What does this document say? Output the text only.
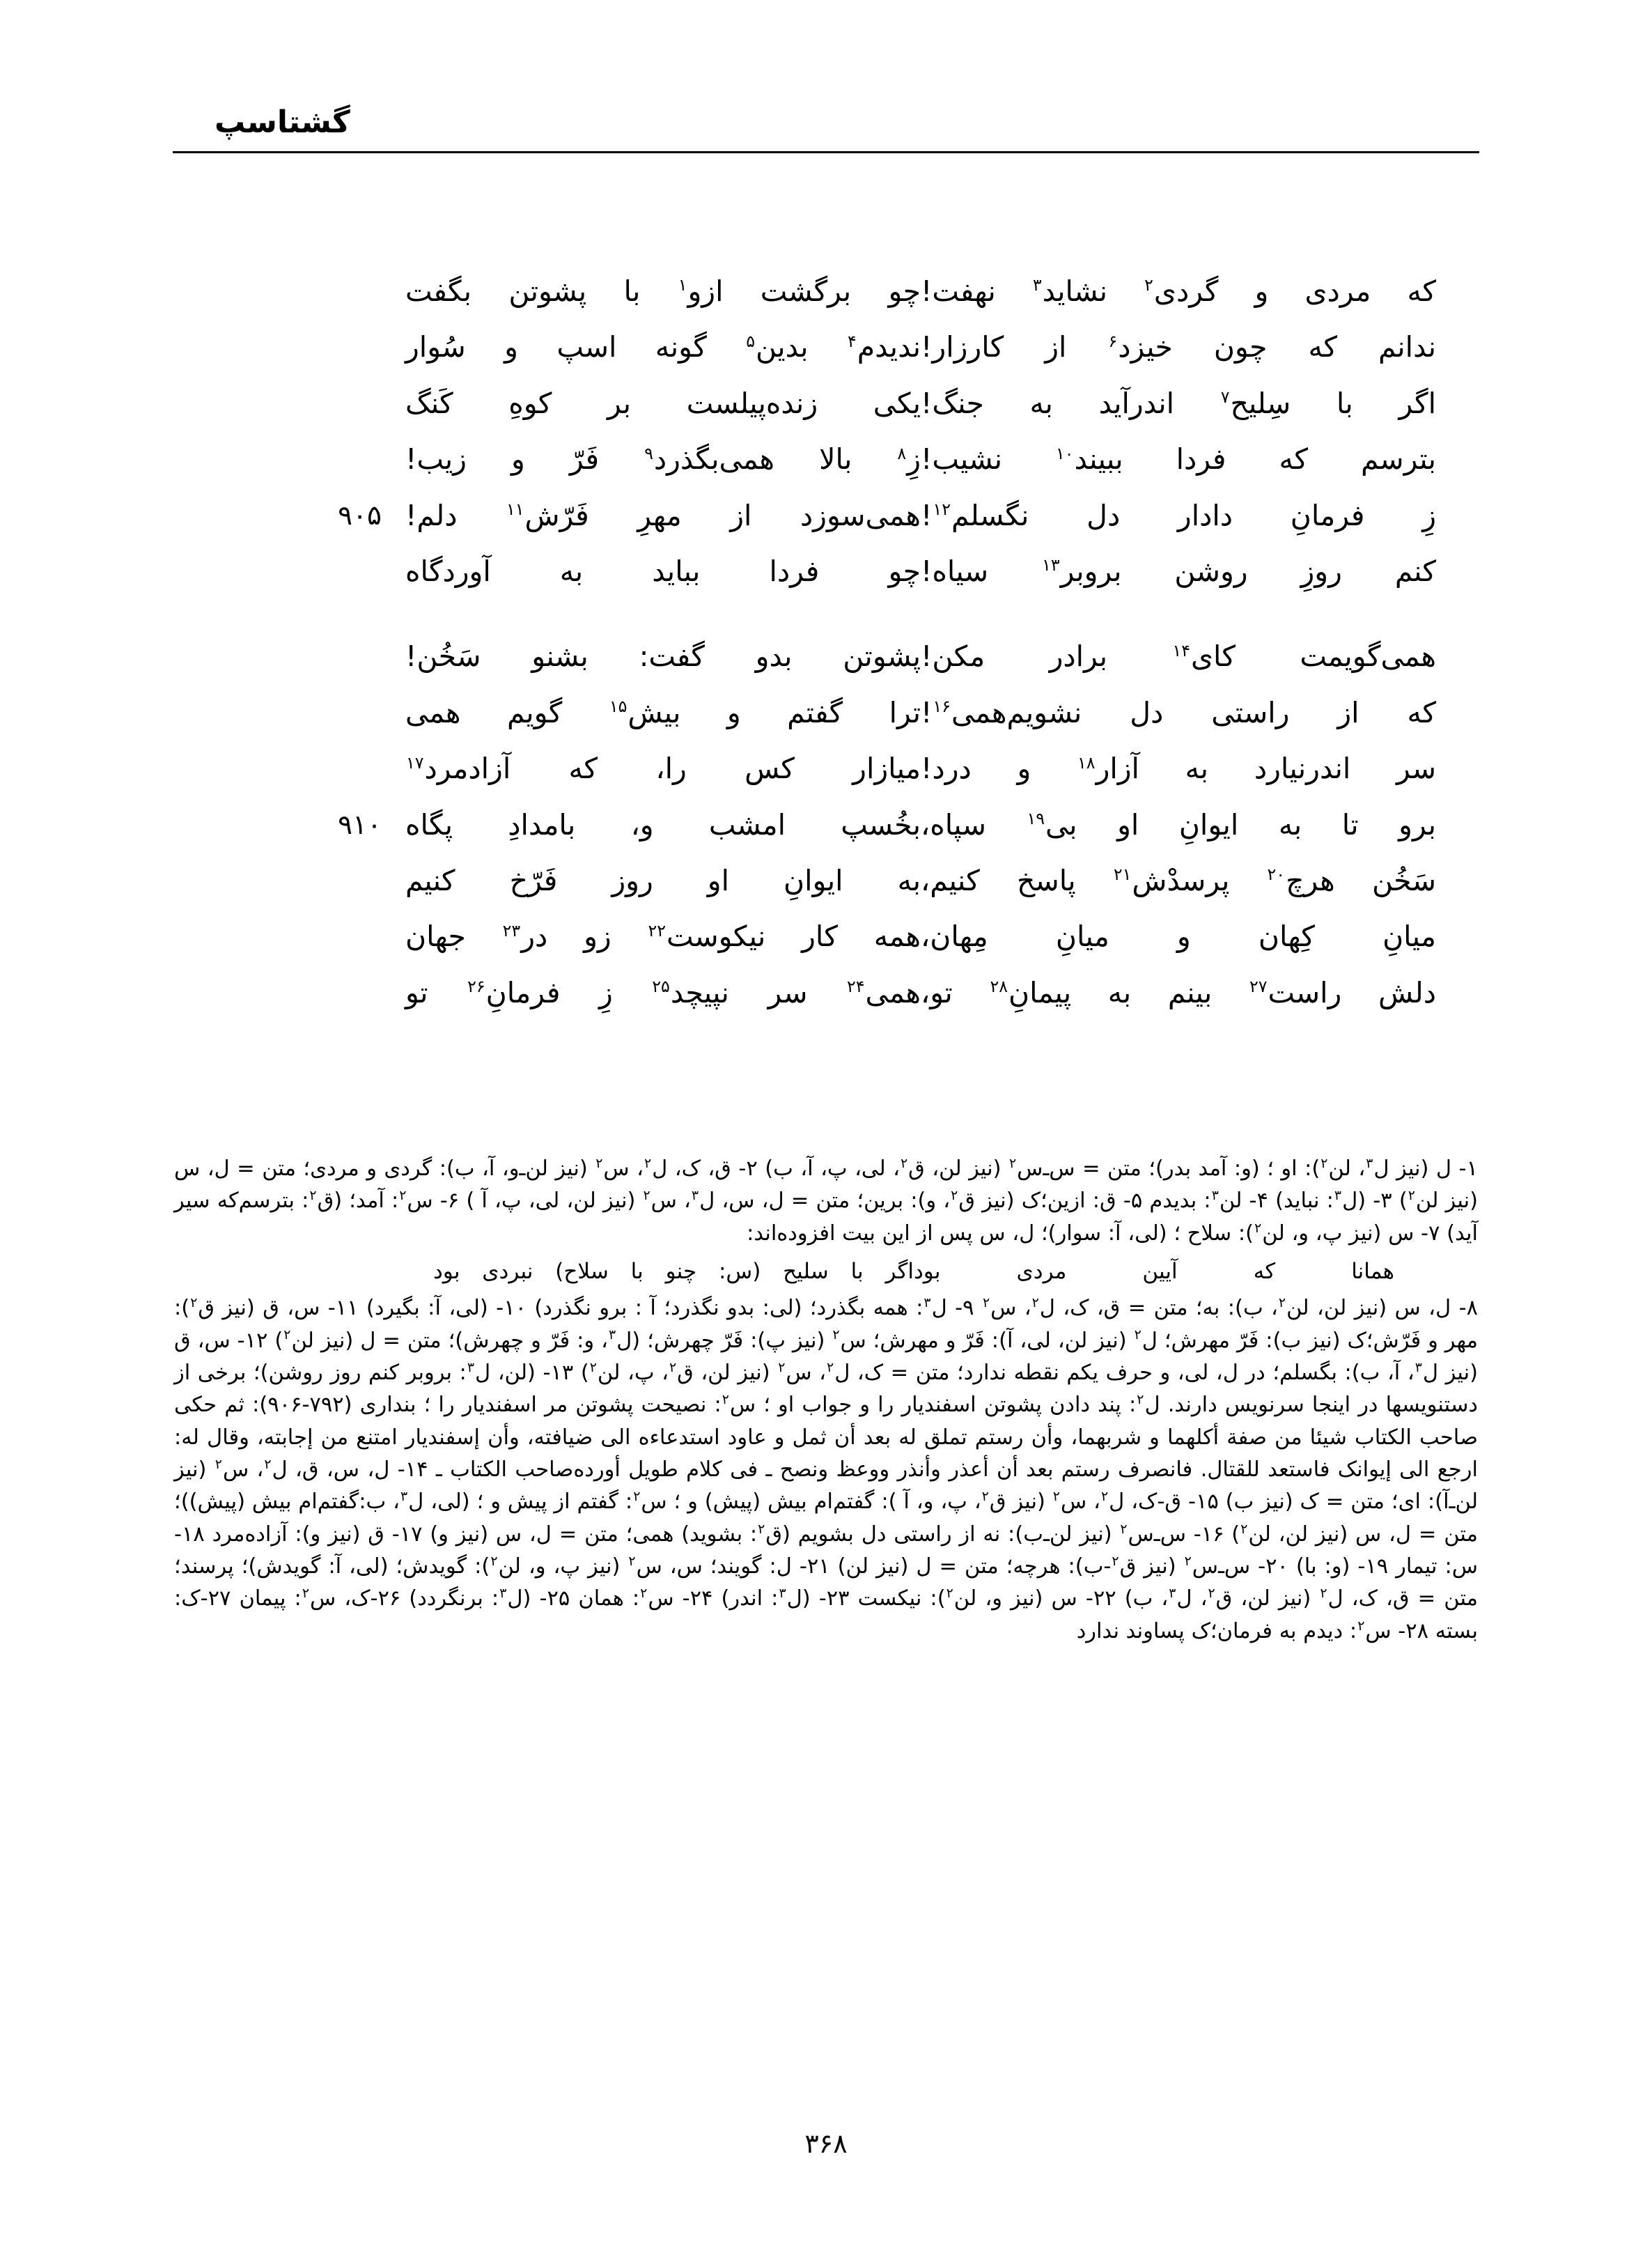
گشتاسپ
که مردی و گردی$^۲$ نشاید$^۳$ نهفت!
چو برگشت ازو$^۱$ با پشوتن بگفت
ندانم که چون خیزد$^۶$ از کارزار!
ندیدم$^۴$ بدین$^۵$ گونه اسپ و سُوار
اگر با سِلیح$^۷$ اندرآید به جنگ!
یکی زنده‌پیلست بر کوهِ کَنگ
بترسم که فردا ببیند$^{۱۰}$ نشیب!
زِ$^۸$ بالا همی‌بگذرد$^۹$ فَرّ و زیب!
زِ فرمانِ دادار دل نگسلم$^{۱۲}$!
همی‌سوزد از مهرِ فَرّش$^{۱۱}$ دلم!
۹۰۵
کنم روزِ روشن بروبر$^{۱۳}$ سیاه!
چو فردا بباید به آوردگاه
همی‌گویمت کای$^{۱۴}$ برادر مکن!
پشوتن بدو گفت: بشنو سَخُن!
که از راستی دل نشویم‌همی$^{۱۶}$!
ترا گفتم و بیش$^{۱۵}$ گویم همی
سر اندرنیارد به آزار$^{۱۸}$ و درد!
میازار کس را، که آزادمرد$^{۱۷}$
برو تا به ایوانِ او بی$^{۱۹}$ سپاه،
بخُسپ امشب و، بامدادِ پگاه
۹۱۰
سَخُن هرچ$^{۲۰}$ پرسدْش$^{۲۱}$ پاسخ کنیم،
به ایوانِ او روز فَرّخ کنیم
میانِ کِهان و میانِ مِهان،
همه کار نیکوست$^{۲۲}$ زو در$^{۲۳}$ جهان
دلش راست$^{۲۷}$ بینم به پیمانِ$^{۲۸}$ تو،
همی$^{۲۴}$ سر نپیچد$^{۲۵}$ زِ فرمانِ$^{۲۶}$ تو
۱- ل (نیز ل$^۳$، لن$^۲$): او ؛ (و: آمد بدر)؛ متن = س‌ـ‌س$^۲$ (نیز لن، ق$^۲$، لی، پ، آ، ب) ۲- ق، ک، ل$^۲$، س$^۲$ (نیز لن‌ـ‌و، آ، ب): گردی و مردی؛ متن = ل، س (نیز لن$^۲$) ۳- (ل$^۳$: نباید) ۴- لن$^۳$: بدیدم ۵- ق: ازین؛ک (نیز ق$^۲$، و): برین؛ متن = ل، س، ل$^۳$، س$^۲$ (نیز لن، لی، پ، آ ) ۶- س$^۲$: آمد؛ (ق$^۲$: بترسم‌که سیر آید) ۷- س (نیز پ، و، لن$^۲$): سلاح ؛ (لی، آ: سوار)؛ ل، س پس از این بیت افزوده‌اند:
همانا که آیین مردی بود
اگر با سلیح (س: چنو با سلاح) نبردی بود
۸- ل، س (نیز لن، لن$^۲$، ب): به؛ متن = ق، ک، ل$^۲$، س$^۲$ ۹- ل$^۳$: همه بگذرد؛ (لی: بدو نگذرد؛ آ : برو نگذرد) ۱۰- (لی، آ: بگیرد) ۱۱- س، ق (نیز ق$^۲$): مهر و فَرّش؛ک (نیز ب): فَرّ مهرش؛ ل$^۲$ (نیز لن، لی، آ): فَرّ و مهرش؛ س$^۲$ (نیز پ): فَرّ چهرش؛ (ل$^۳$، و: فَرّ و چهرش)؛ متن = ل (نیز لن$^۲$) ۱۲- س، ق (نیز ل$^۳$، آ، ب): بگسلم؛ در ل، لی، و حرف یکم نقطه ندارد؛ متن = ک، ل$^۲$، س$^۲$ (نیز لن، ق$^۲$، پ، لن$^۲$) ۱۳- (لن، ل$^۳$: بروبر کنم روز روشن)؛ برخی از دستنویسها در اینجا سرنویس دارند. ل$^۲$: پند دادن پشوتن اسفندیار را و جواب او ؛ س$^۲$: نصیحت پشوتن مر اسفندیار را ؛ بنداری (۷۹۲-۹۰۶): ثم حکی صاحب الکتاب شیئا من صفة أکلهما و شربهما، وأن رستم تملق له بعد أن ثمل و عاود استدعاءه الی ضیافته، وأن إسفندیار امتنع من إجابته، وقال له: ارجع الی إیوانک فاستعد للقتال. فانصرف رستم بعد أن أعذر وأنذر ووعظ ونصح ـ فی کلام طویل أورده‌صاحب الکتاب ـ ۱۴- ل، س، ق، ل$^۲$، س$^۲$ (نیز لن‌ـ‌آ): ای؛ متن = ک (نیز ب) ۱۵- ق-ک، ل$^۲$، س$^۲$ (نیز ق$^۲$، پ، و، آ ): گفتم‌ام بیش (پیش) و ؛ س$^۲$: گفتم از پیش و ؛ (لی، ل$^۳$، ب:گفتم‌ام بیش (پیش))؛ متن = ل، س (نیز لن، لن$^۲$) ۱۶- س‌ـ‌س$^۲$ (نیز لن‌ـ‌ب): نه از راستی دل بشویم (ق$^۲$: بشوید) همی؛ متن = ل، س (نیز و) ۱۷- ق (نیز و): آزاده‌مرد ۱۸- س: تیمار ۱۹- (و: با) ۲۰- س‌ـ‌س$^۲$ (نیز ق$^۲$-ب): هرچه؛ متن = ل (نیز لن) ۲۱- ل: گویند؛ س، س$^۲$ (نیز پ، و، لن$^۲$): گویدش؛ (لی، آ: گویدش)؛ پرسند؛ متن = ق، ک، ل$^۲$ (نیز لن، ق$^۲$، ل$^۳$، ب) ۲۲- س (نیز و، لن$^۲$): نیکست ۲۳- (ل$^۳$: اندر) ۲۴- س$^۲$: همان ۲۵- (ل$^۳$: برنگردد) ۲۶-ک، س$^۲$: پیمان ۲۷-ک: بسته ۲۸- س$^۲$: دیدم به فرمان؛ک پساوند ندارد
۳۶۸
